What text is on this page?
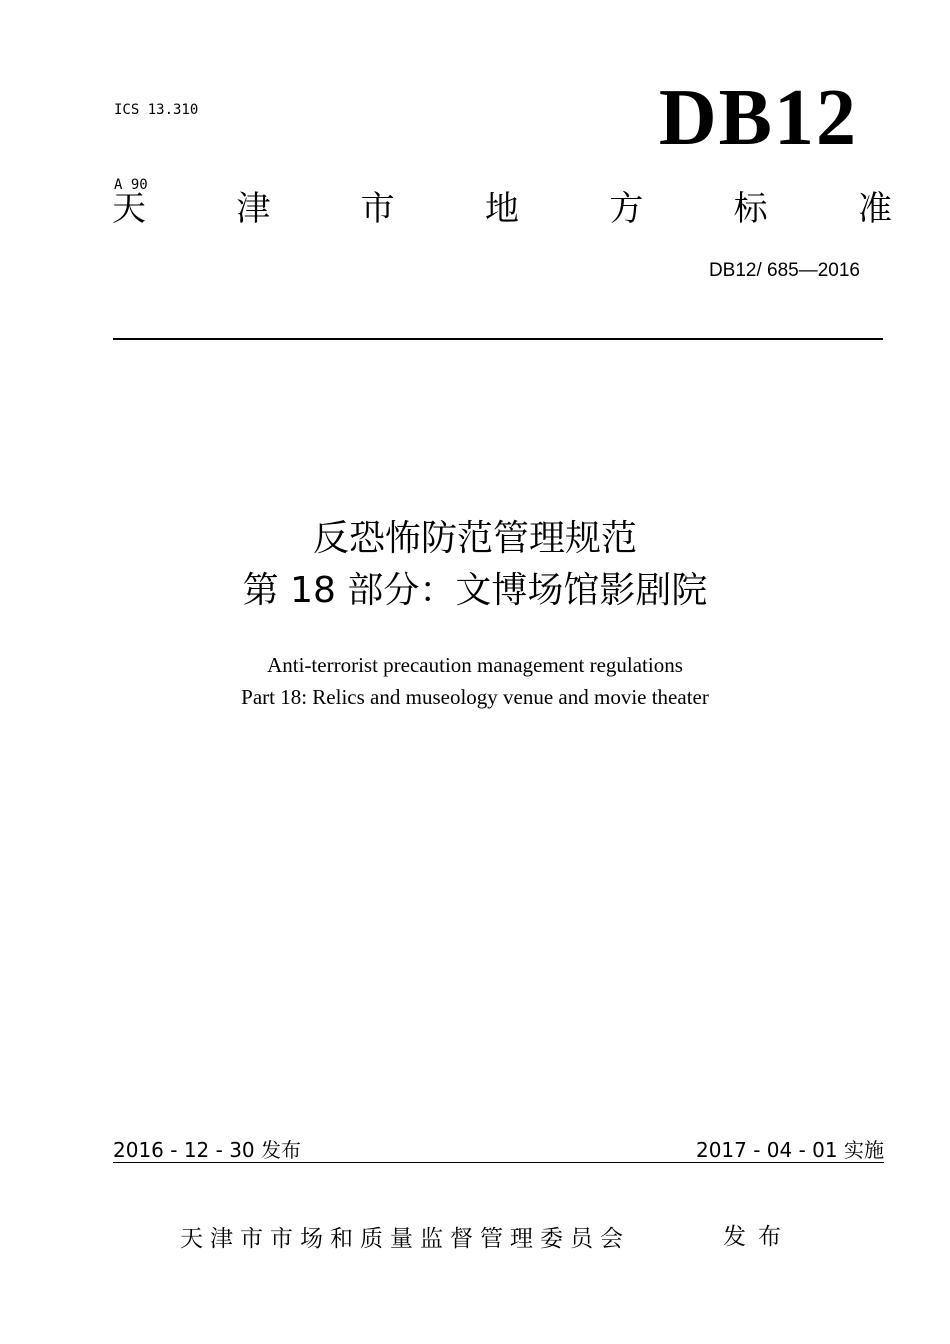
ICS 13.310

A 90

DB12
天	津	市	地	方	标	准
DB12/ 685—2016
反恐怖防范管理规范
第 18 部分：文博场馆影剧院
Anti-terrorist precaution management regulations
Part 18: Relics and museology venue and movie theater
2016 - 12 - 30 发布	2017 - 04 - 01 实施
天津市市场和质量监督管理委员会	发布
